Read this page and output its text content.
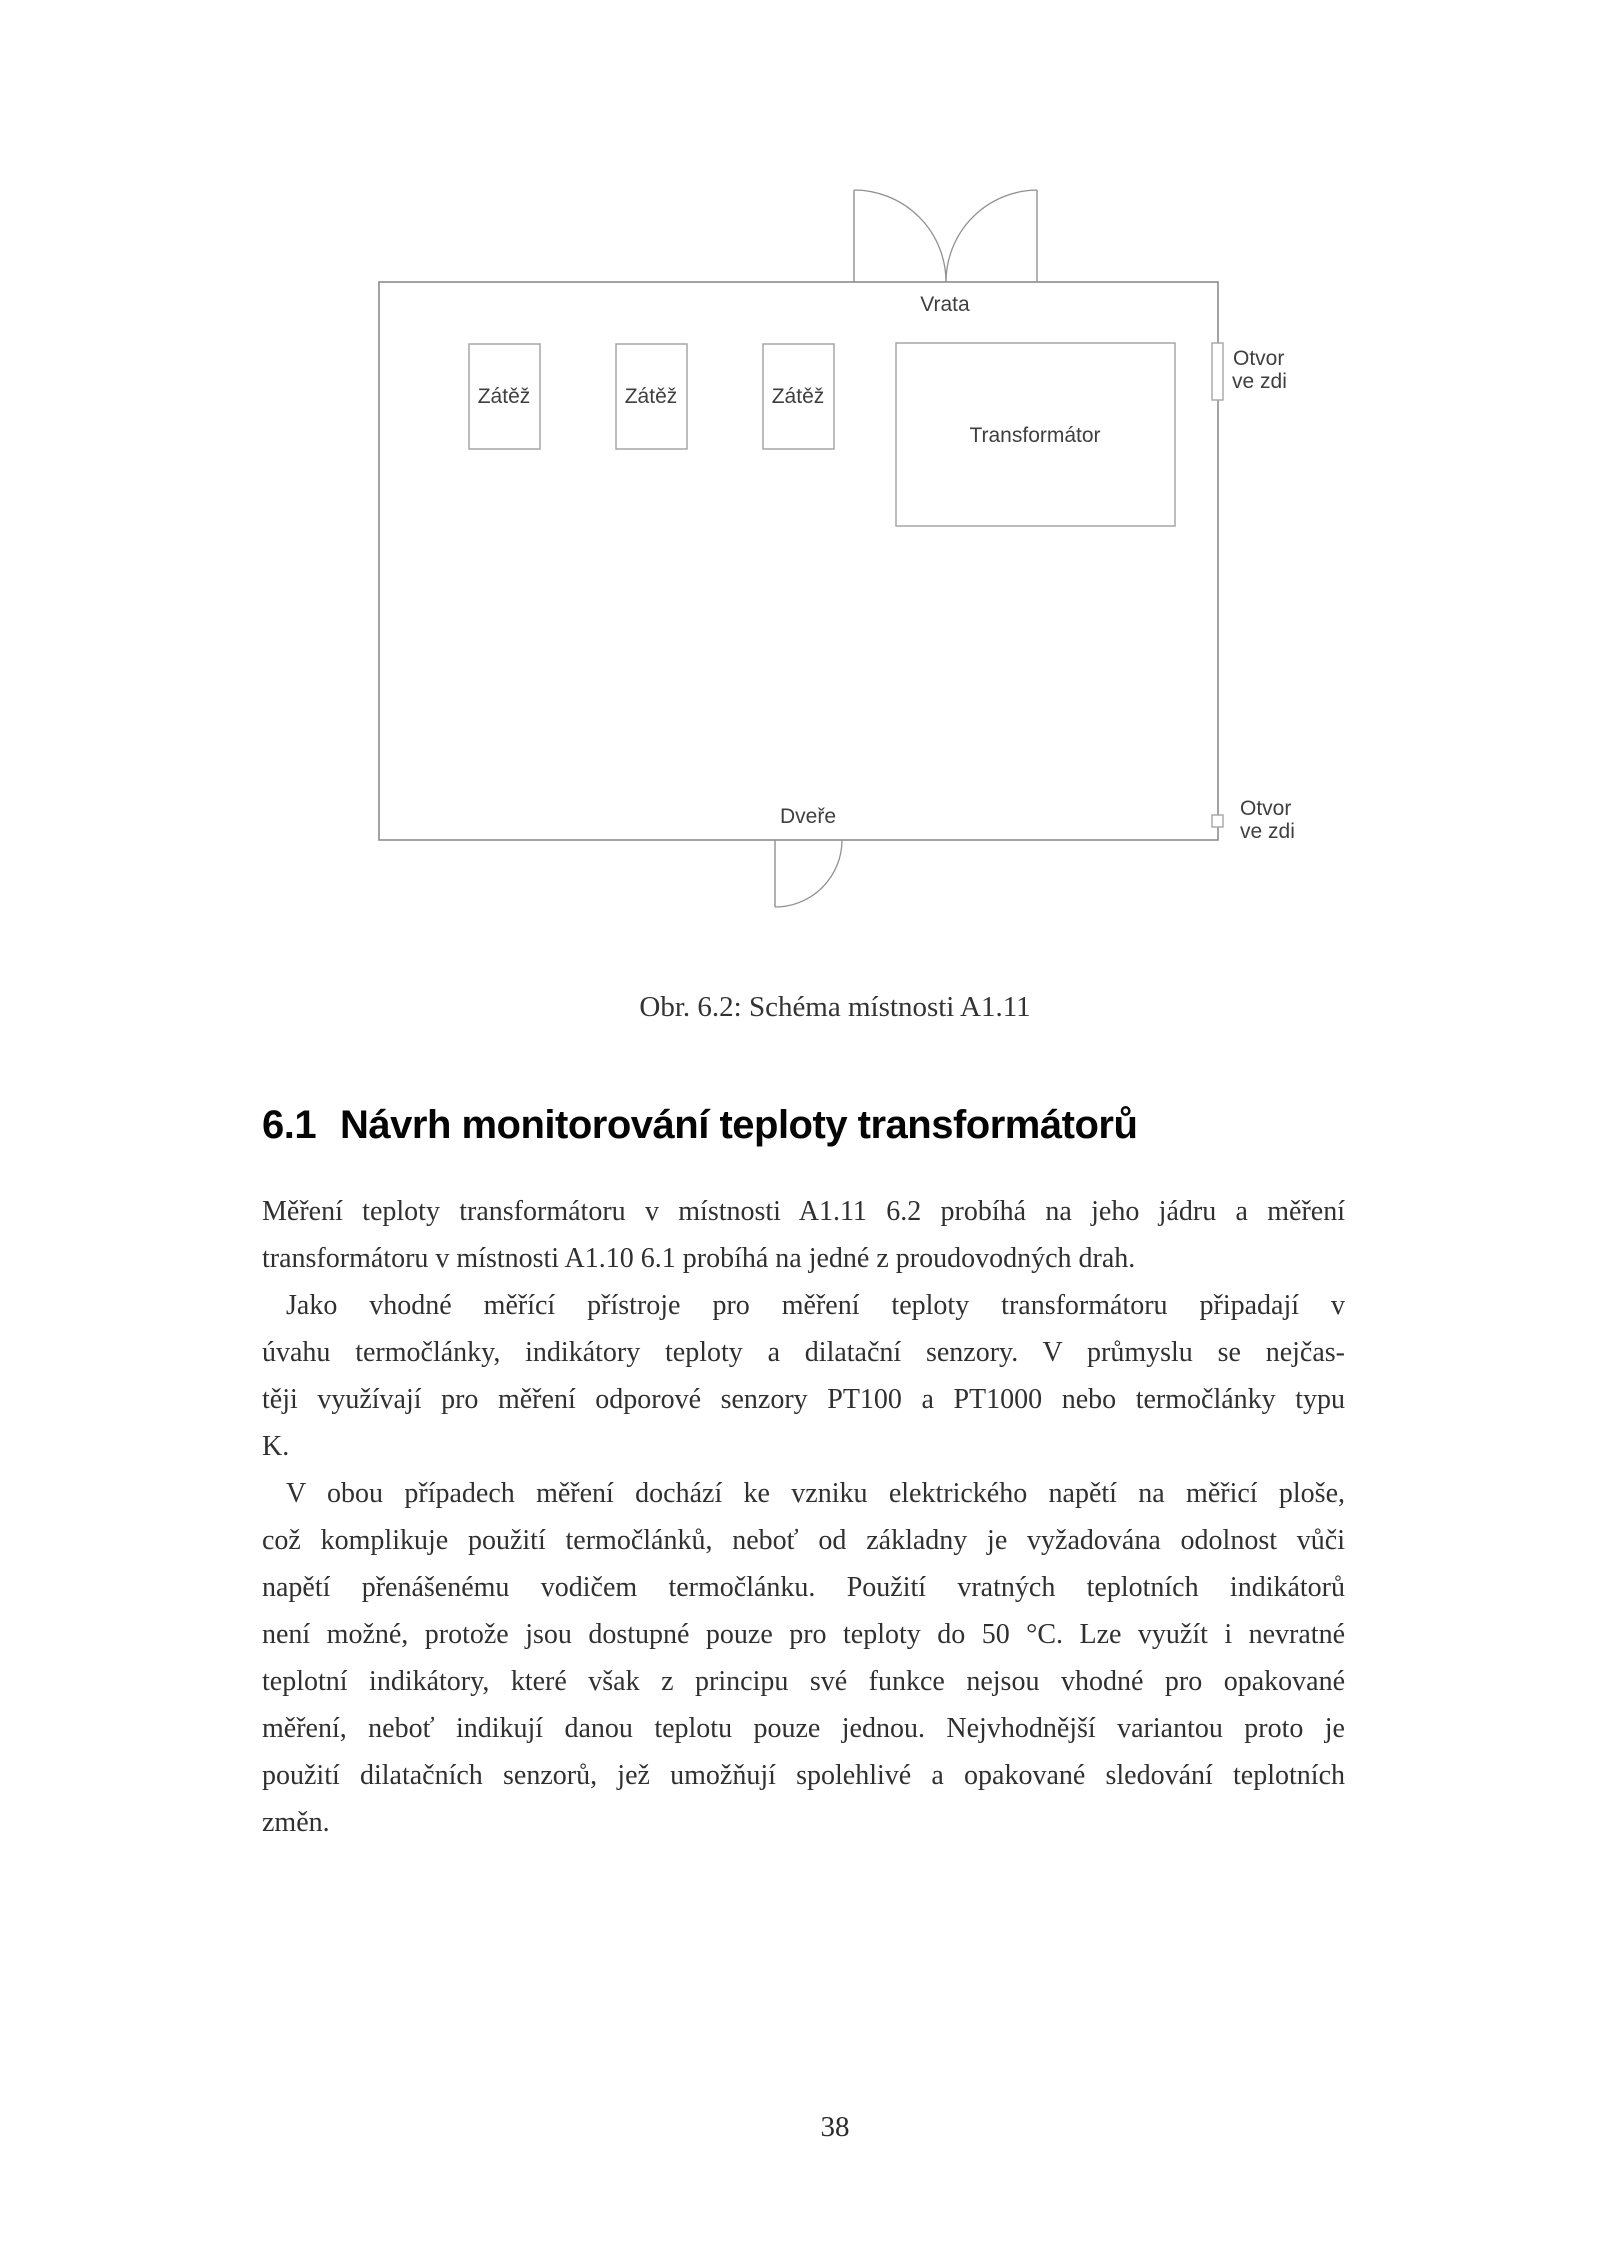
Vrata
Zátěž	Zátěž	Zátěž
Transformátor
Otvor
ve zdi
Otvor
ve zdi
Dveře
Obr. 6.2: Schéma místnosti A1.11
6.1 Návrh monitorování teploty transformátorů
Měření teploty transformátoru v místnosti A1.11 6.2 probíhá na jeho jádru a měření
transformátoru v místnosti A1.10 6.1 probíhá na jedné z proudovodných drah.
Jako vhodné měřící přístroje pro měření teploty transformátoru připadají v
úvahu termočlánky, indikátory teploty a dilatační senzory. V průmyslu se nejčas-
těji využívají pro měření odporové senzory PT100 a PT1000 nebo termočlánky typu
K.
V obou případech měření dochází ke vzniku elektrického napětí na měřicí ploše,
což komplikuje použití termočlánků, neboť od základny je vyžadována odolnost vůči
napětí přenášenému vodičem termočlánku. Použití vratných teplotních indikátorů
není možné, protože jsou dostupné pouze pro teploty do 50 °C. Lze využít i nevratné
teplotní indikátory, které však z principu své funkce nejsou vhodné pro opakované
měření, neboť indikují danou teplotu pouze jednou. Nejvhodnější variantou proto je
použití dilatačních senzorů, jež umožňují spolehlivé a opakované sledování teplotních
změn.
38
